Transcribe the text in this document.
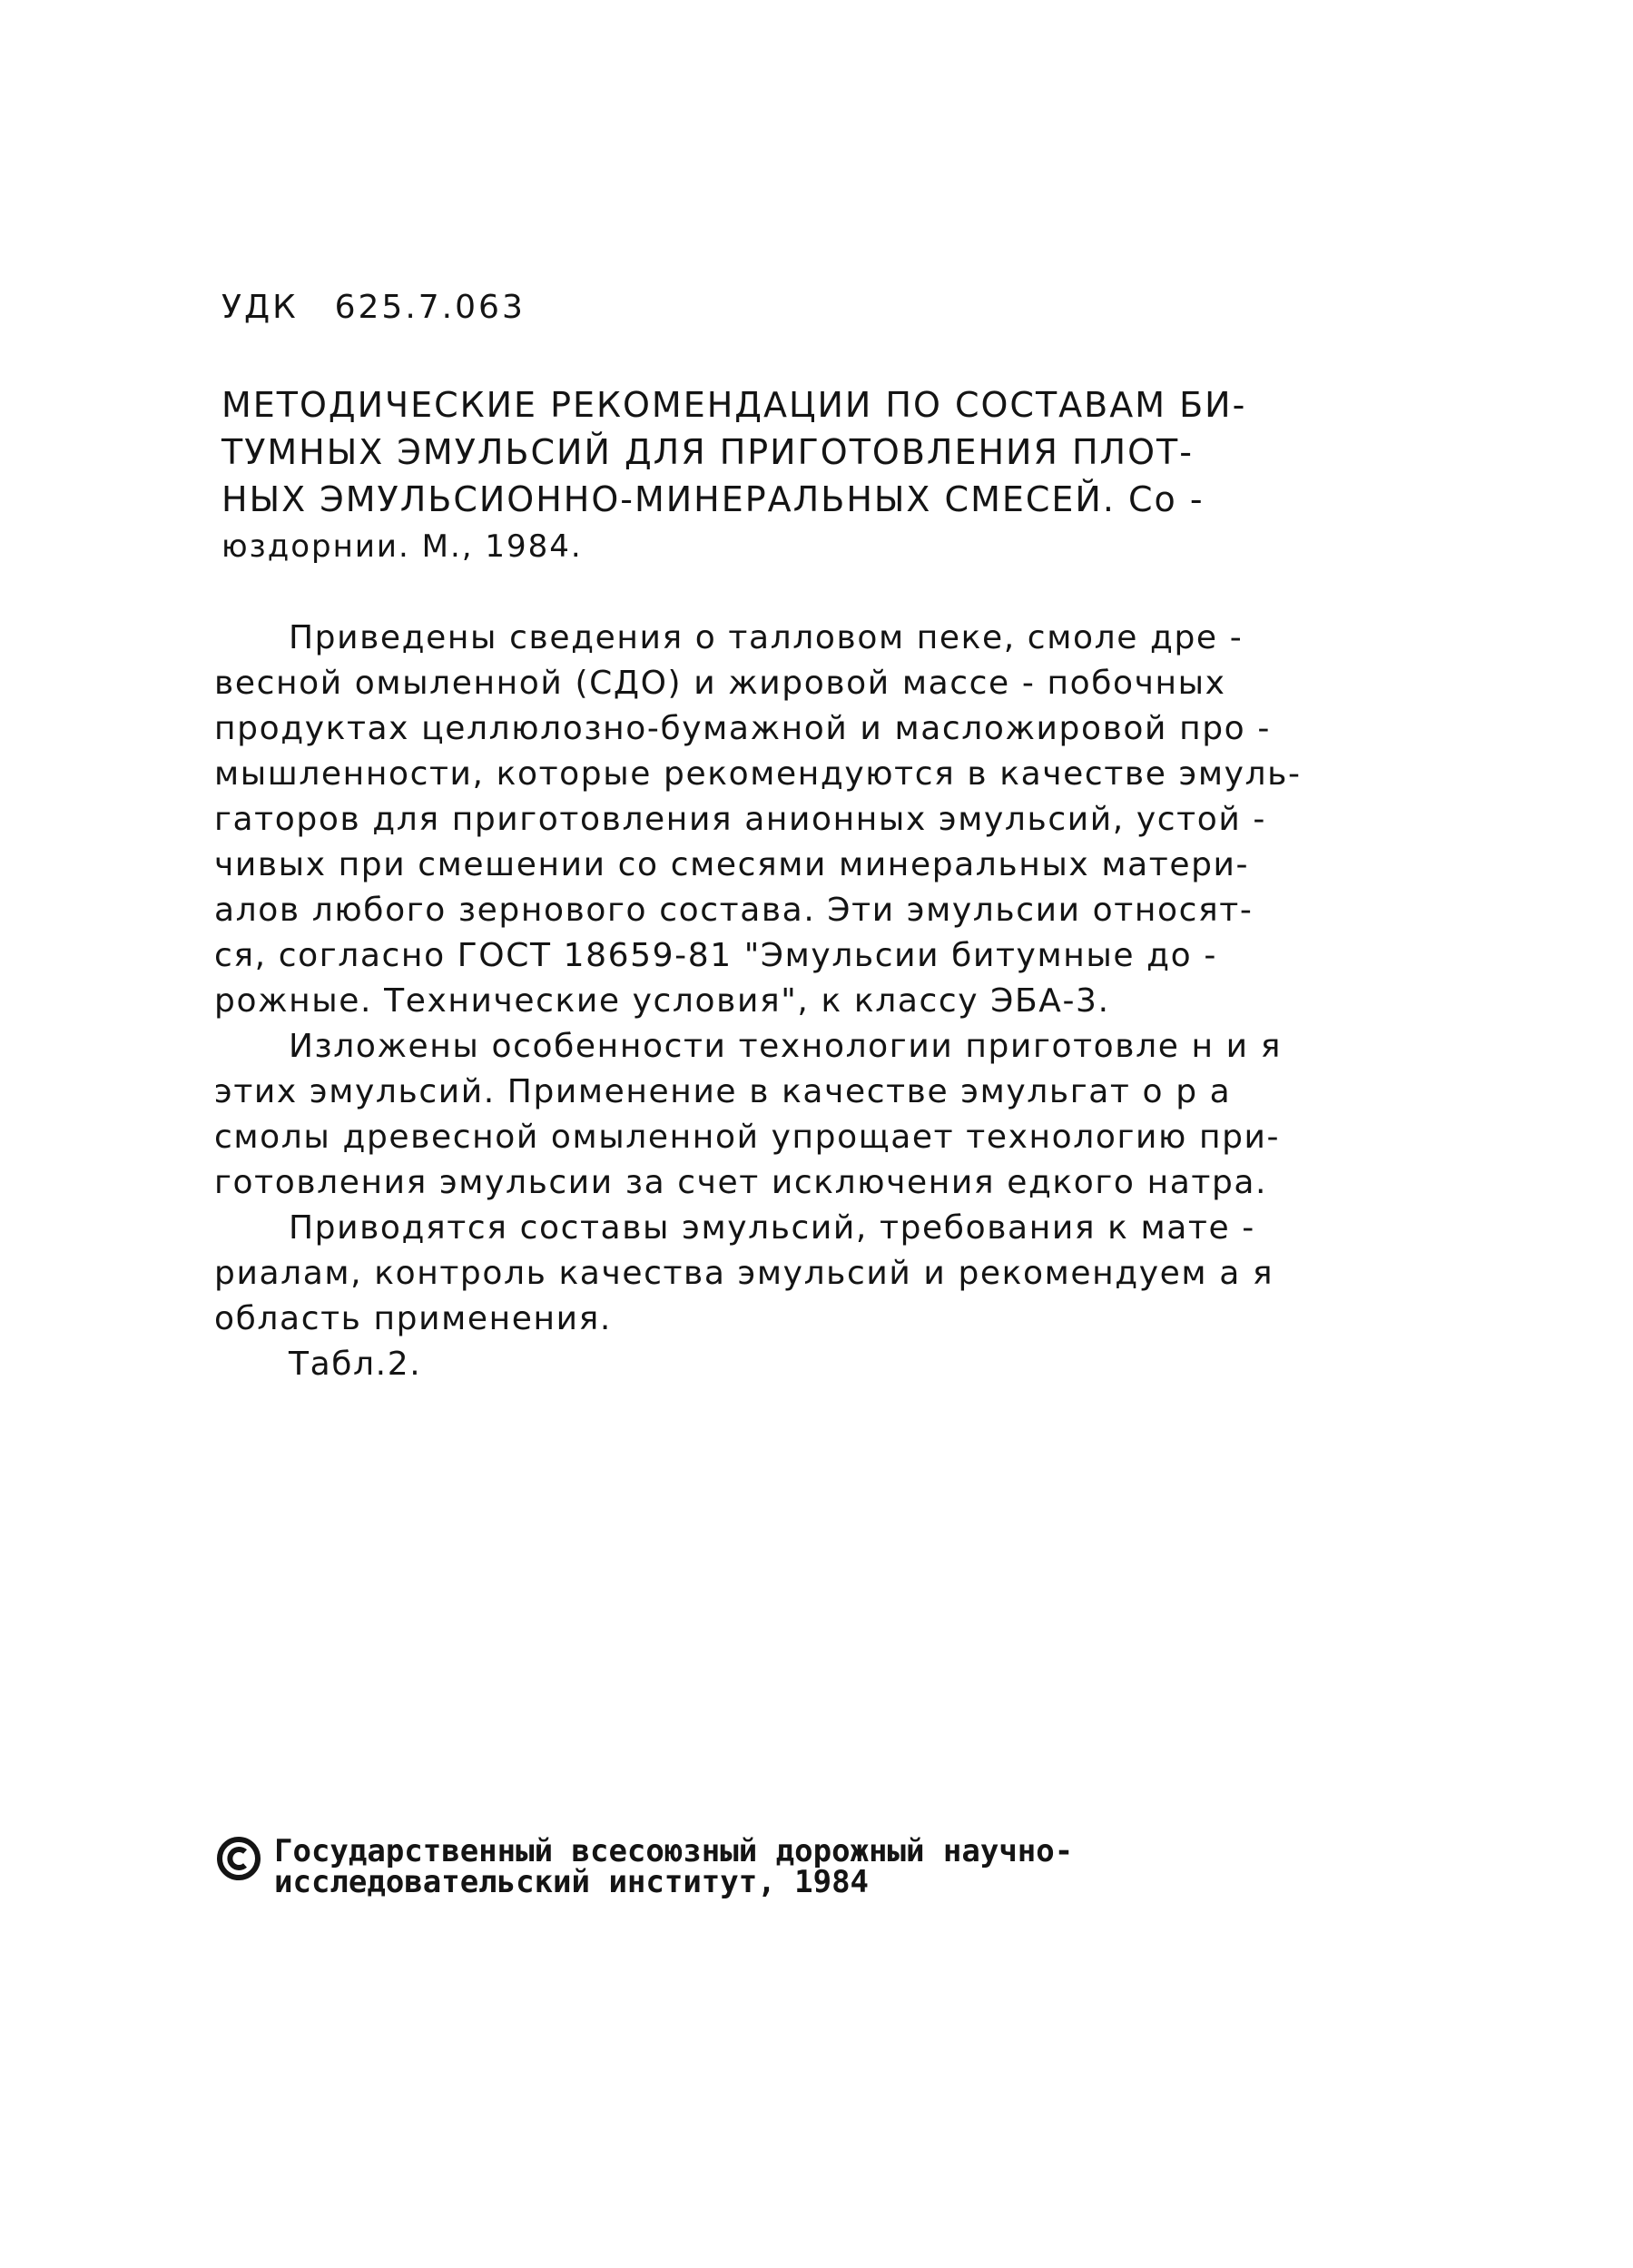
УДК 625.7.063
МЕТОДИЧЕСКИЕ РЕКОМЕНДАЦИИ ПО СОСТАВАМ БИ-
ТУМНЫХ ЭМУЛЬСИЙ ДЛЯ ПРИГОТОВЛЕНИЯ ПЛОТ-
НЫХ ЭМУЛЬСИОННО-МИНЕРАЛЬНЫХ СМЕСЕЙ. Со -
юздорнии. М., 1984.
Приведены сведения о талловом пеке, смоле дре -
весной омыленной (СДО) и жировой массе - побочных
продуктах целлюлозно-бумажной и масложировой про -
мышленности, которые рекомендуются в качестве эмуль-
гаторов для приготовления анионных эмульсий, устой -
чивых при смешении со смесями минеральных матери-
алов любого зернового состава. Эти эмульсии относят-
ся, согласно ГОСТ 18659-81 "Эмульсии битумные до -
рожные. Технические условия", к классу ЭБА-3.
Изложены особенности технологии приготовле н и я
этих эмульсий. Применение в качестве эмульгат о р а
смолы древесной омыленной упрощает технологию при-
готовления эмульсии за счет исключения едкого натра.
Приводятся составы эмульсий, требования к мате -
риалам, контроль качества эмульсий и рекомендуем а я
область применения.
Табл.2.
Государственный всесоюзный дорожный научно-
исследовательский институт, 1984
